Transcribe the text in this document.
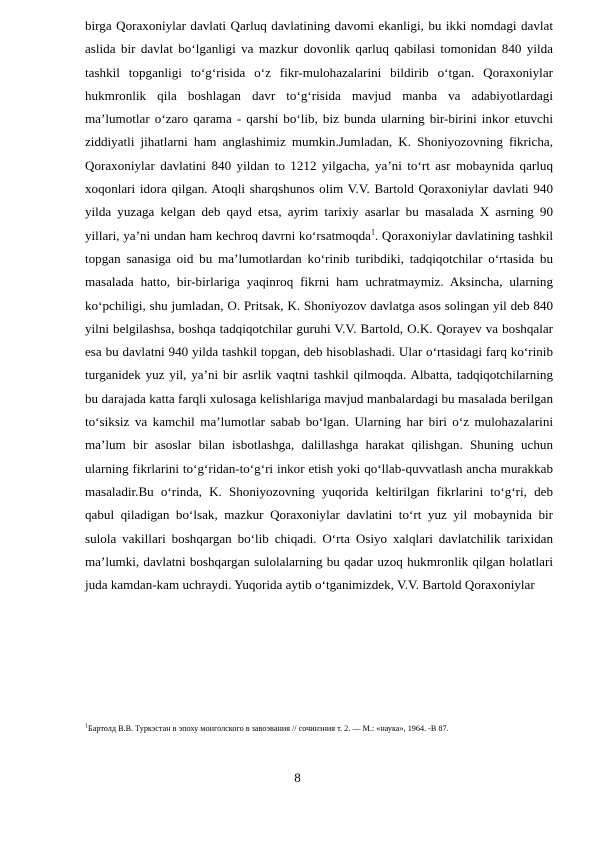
birga Qoraxoniylar davlati Qarluq davlatining davomi ekanligi, bu ikki nomdagi davlat aslida bir davlat bo‘lganligi va mazkur dovonlik qarluq qabilasi tomonidan 840 yilda tashkil topganligi to‘g‘risida o‘z fikr-mulohazalarini bildirib o‘tgan. Qoraxoniylar hukmronlik qila boshlagan davr to‘g‘risida mavjud manba va adabiyotlardagi ma’lumotlar o‘zaro qarama - qarshi bo‘lib, biz bunda ularning bir-birini inkor etuvchi ziddiyatli jihatlarni ham anglashimiz mumkin.Jumladan, K. Shoniyozovning fikricha, Qoraxoniylar davlatini 840 yildan to 1212 yilgacha, ya’ni to‘rt asr mobaynida qarluq xoqonlari idora qilgan. Atoqli sharqshunos olim V.V. Bartold Qoraxoniylar davlati 940 yilda yuzaga kelgan deb qayd etsa, ayrim tarixiy asarlar bu masalada X asrning 90 yillari, ya’ni undan ham kechroq davrni ko‘rsatmoqda$^1$. Qoraxoniylar davlatining tashkil topgan sanasiga oid bu ma’lumotlardan ko‘rinib turibdiki, tadqiqotchilar o‘rtasida bu masalada hatto, bir-birlariga yaqinroq fikrni ham uchratmaymiz. Aksincha, ularning ko‘pchiligi, shu jumladan, O. Pritsak, K. Shoniyozov davlatga asos solingan yil deb 840 yilni belgilashsa, boshqa tadqiqotchilar guruhi V.V. Bartold, O.K. Qorayev va boshqalar esa bu davlatni 940 yilda tashkil topgan, deb hisoblashadi. Ular o‘rtasidagi farq ko‘rinib turganidek yuz yil, ya’ni bir asrlik vaqtni tashkil qilmoqda. Albatta, tadqiqotchilarning bu darajada katta farqli xulosaga kelishlariga mavjud manbalardagi bu masalada berilgan to‘siksiz va kamchil ma’lumotlar sabab bo‘lgan. Ularning har biri o‘z mulohazalarini ma’lum bir asoslar bilan isbotlashga, dalillashga harakat qilishgan. Shuning uchun ularning fikrlarini to‘g‘ridan-to‘g‘ri inkor etish yoki qo‘llab-quvvatlash ancha murakkab masaladir.Bu o‘rinda, K. Shoniyozovning yuqorida keltirilgan fikrlarini to‘g‘ri, deb qabul qiladigan bo‘lsak, mazkur Qoraxoniylar davlatini to‘rt yuz yil mobaynida bir sulola vakillari boshqargan bo‘lib chiqadi. O‘rta Osiyo xalqlari davlatchilik tarixidan ma’lumki, davlatni boshqargan sulolalarning bu qadar uzoq hukmronlik qilgan holatlari juda kamdan-kam uchraydi. Yuqorida aytib o‘tganimizdek, V.V. Bartold Qoraxoniylar

$^1$Бартолд В.В. Туркэстан в эпоху монголского в завоэвания // сочинэния т. 2. — М.: «наука», 1964. -В 87.

8
